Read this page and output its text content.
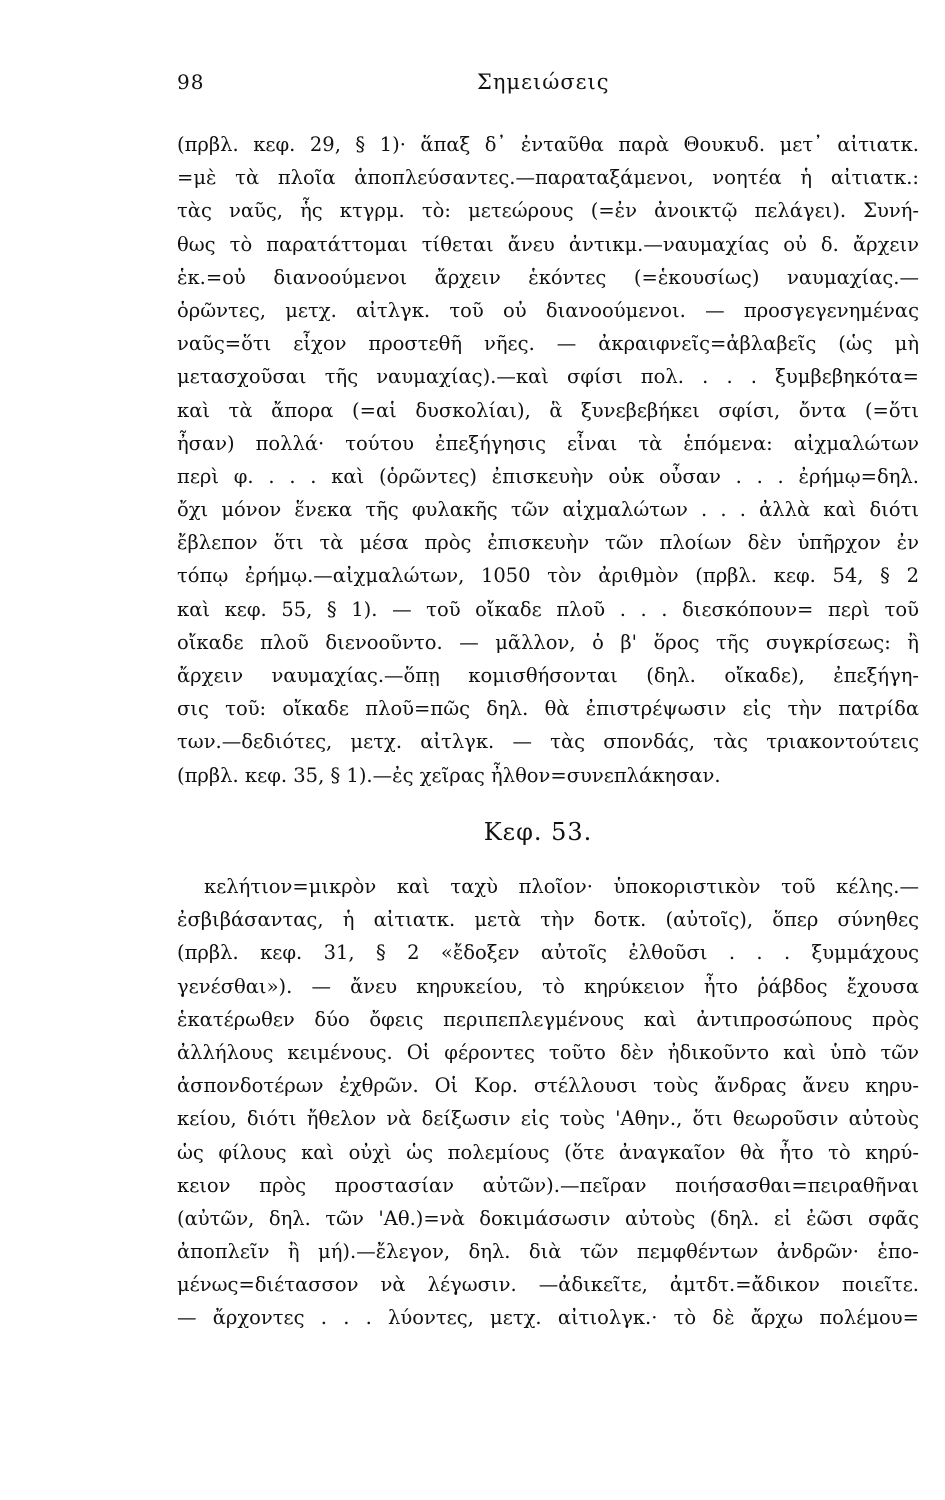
98	Σημειώσεις
(πρβλ. κεφ. 29, § 1)· ἅπαξ δ᾽ ἐνταῦθα παρὰ Θουκυδ. μετ᾽ αἰτιατκ.
=μὲ τὰ πλοῖα ἀποπλεύσαντες.—παραταξάμενοι, νοητέα ἡ αἰτιατκ.:
τὰς ναῦς, ἧς κτγρμ. τὸ: μετεώρους (=ἐν ἀνοικτῷ πελάγει). Συνή-
θως τὸ παρατάττομαι τίθεται ἄνευ ἀντικμ.—ναυμαχίας οὐ δ. ἄρχειν
ἑκ.=οὐ διανοούμενοι ἄρχειν ἑκόντες (=ἑκουσίως) ναυμαχίας.—
ὁρῶντες, μετχ. αἰτλγκ. τοῦ οὐ διανοούμενοι. — προσγεγενημένας
ναῦς=ὅτι εἶχον προστεθῆ νῆες. — ἀκραιφνεῖς=ἀβλαβεῖς (ὡς μὴ
μετασχοῦσαι τῆς ναυμαχίας).—καὶ σφίσι πολ. . . . ξυμβεβηκότα=
καὶ τὰ ἄπορα (=αἱ δυσκολίαι), ἃ ξυνεβεβήκει σφίσι, ὄντα (=ὅτι
ἦσαν) πολλά· τούτου ἐπεξήγησις εἶναι τὰ ἑπόμενα: αἰχμαλώτων
περὶ φ. . . . καὶ (ὁρῶντες) ἐπισκευὴν οὐκ οὖσαν . . . ἐρήμῳ=δηλ.
ὄχι μόνον ἕνεκα τῆς φυλακῆς τῶν αἰχμαλώτων . . . ἀλλὰ καὶ διότι
ἔβλεπον ὅτι τὰ μέσα πρὸς ἐπισκευὴν τῶν πλοίων δὲν ὑπῆρχον ἐν
τόπῳ ἐρήμῳ.—αἰχμαλώτων, 1050 τὸν ἀριθμὸν (πρβλ. κεφ. 54, § 2
καὶ κεφ. 55, § 1). — τοῦ οἴκαδε πλοῦ . . . διεσκόπουν= περὶ τοῦ
οἴκαδε πλοῦ διενοοῦντο. — μᾶλλον, ὁ β' ὅρος τῆς συγκρίσεως: ἢ
ἄρχειν ναυμαχίας.—ὅπῃ κομισθήσονται (δηλ. οἴκαδε), ἐπεξήγη-
σις τοῦ: οἴκαδε πλοῦ=πῶς δηλ. θὰ ἐπιστρέψωσιν εἰς τὴν πατρίδα
των.—δεδιότες, μετχ. αἰτλγκ. — τὰς σπονδάς, τὰς τριακοντούτεις
(πρβλ. κεφ. 35, § 1).—ἐς χεῖρας ἦλθον=συνεπλάκησαν.
Κεφ. 53.
κελήτιον=μικρὸν καὶ ταχὺ πλοῖον· ὑποκοριστικὸν τοῦ κέλης.—
ἐσβιβάσαντας, ἡ αἰτιατκ. μετὰ τὴν δοτκ. (αὐτοῖς), ὅπερ σύνηθες
(πρβλ. κεφ. 31, § 2 «ἔδοξεν αὐτοῖς ἐλθοῦσι . . . ξυμμάχους
γενέσθαι»). — ἄνευ κηρυκείου, τὸ κηρύκειον ἦτο ῥάβδος ἔχουσα
ἑκατέρωθεν δύο ὄφεις περιπεπλεγμένους καὶ ἀντιπροσώπους πρὸς
ἀλλήλους κειμένους. Οἱ φέροντες τοῦτο δὲν ἠδικοῦντο καὶ ὑπὸ τῶν
ἀσπονδοτέρων ἐχθρῶν. Οἱ Κορ. στέλλουσι τοὺς ἄνδρας ἄνευ κηρυ-
κείου, διότι ἤθελον νὰ δείξωσιν εἰς τοὺς 'Αθην., ὅτι θεωροῦσιν αὐτοὺς
ὡς φίλους καὶ οὐχὶ ὡς πολεμίους (ὅτε ἀναγκαῖον θὰ ἦτο τὸ κηρύ-
κειον πρὸς προστασίαν αὐτῶν).—πεῖραν ποιήσασθαι=πειραθῆναι
(αὐτῶν, δηλ. τῶν 'Αθ.)=νὰ δοκιμάσωσιν αὐτοὺς (δηλ. εἰ ἐῶσι σφᾶς
ἀποπλεῖν ἢ μή).—ἔλεγον, δηλ. διὰ τῶν πεμφθέντων ἀνδρῶν· ἑπο-
μένως=διέτασσον νὰ λέγωσιν. —ἀδικεῖτε, ἀμτδτ.=ἄδικον ποιεῖτε.
— ἄρχοντες . . . λύοντες, μετχ. αἰτιολγκ.· τὸ δὲ ἄρχω πολέμου=
